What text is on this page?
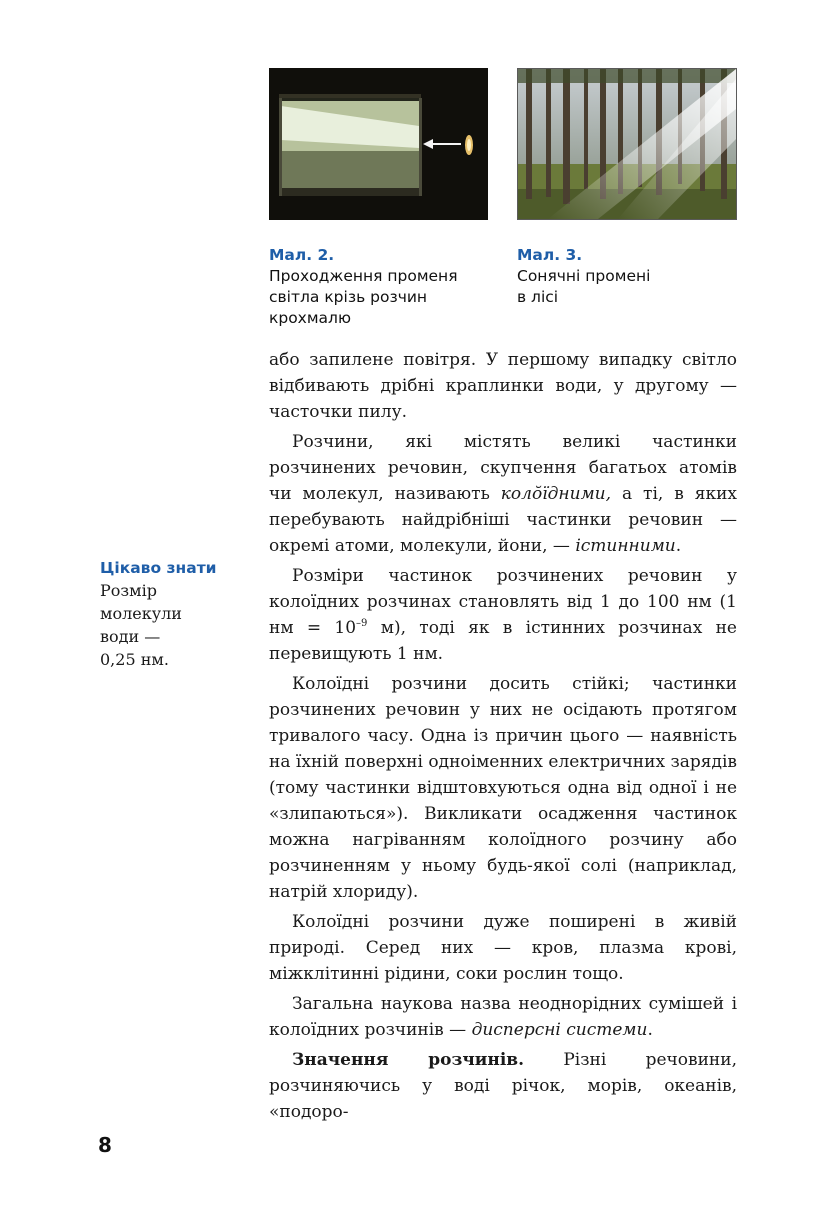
Мал. 2.
Проходження променя
світла крізь розчин
крохмалю
Мал. 3.
Сонячні промені
в лісі
Цікаво знати
Розмір
молекули
води —
0,25 нм.

або запилене повітря. У першому випадку світло відбивають дрібні краплинки води, у другому — часточки пилу.

Розчини, які містять великі частинки розчинених речовин, скупчення багатьох атомів чи молекул, називають коло̆їдними, а ті, в яких перебувають найдрібніші частинки речовин — окремі атоми, молекули, йони, — істинними.

Розміри частинок розчинених речовин у колоїдних розчинах становлять від 1 до 100 нм (1 нм = $10^{-9}$ м), тоді як в істинних розчинах не перевищують 1 нм.

Колоїдні розчини досить стійкі; частинки розчинених речовин у них не осідають протягом тривалого часу. Одна із причин цього — наявність на їхній поверхні одноіменних електричних зарядів (тому частинки відштовхуються одна від одної і не «злипаються»). Викликати осадження частинок можна нагріванням колоїдного розчину або розчиненням у ньому будь-якої солі (наприклад, натрій хлориду).

Колоїдні розчини дуже поширені в живій природі. Серед них — кров, плазма крові, міжклітинні рідини, соки рослин тощо.

Загальна наукова назва неоднорідних сумішей і колоїдних розчинів — дисперсні системи.

Значення розчинів. Різні речовини, розчиняючись у воді річок, морів, океанів, «подоро-

8
